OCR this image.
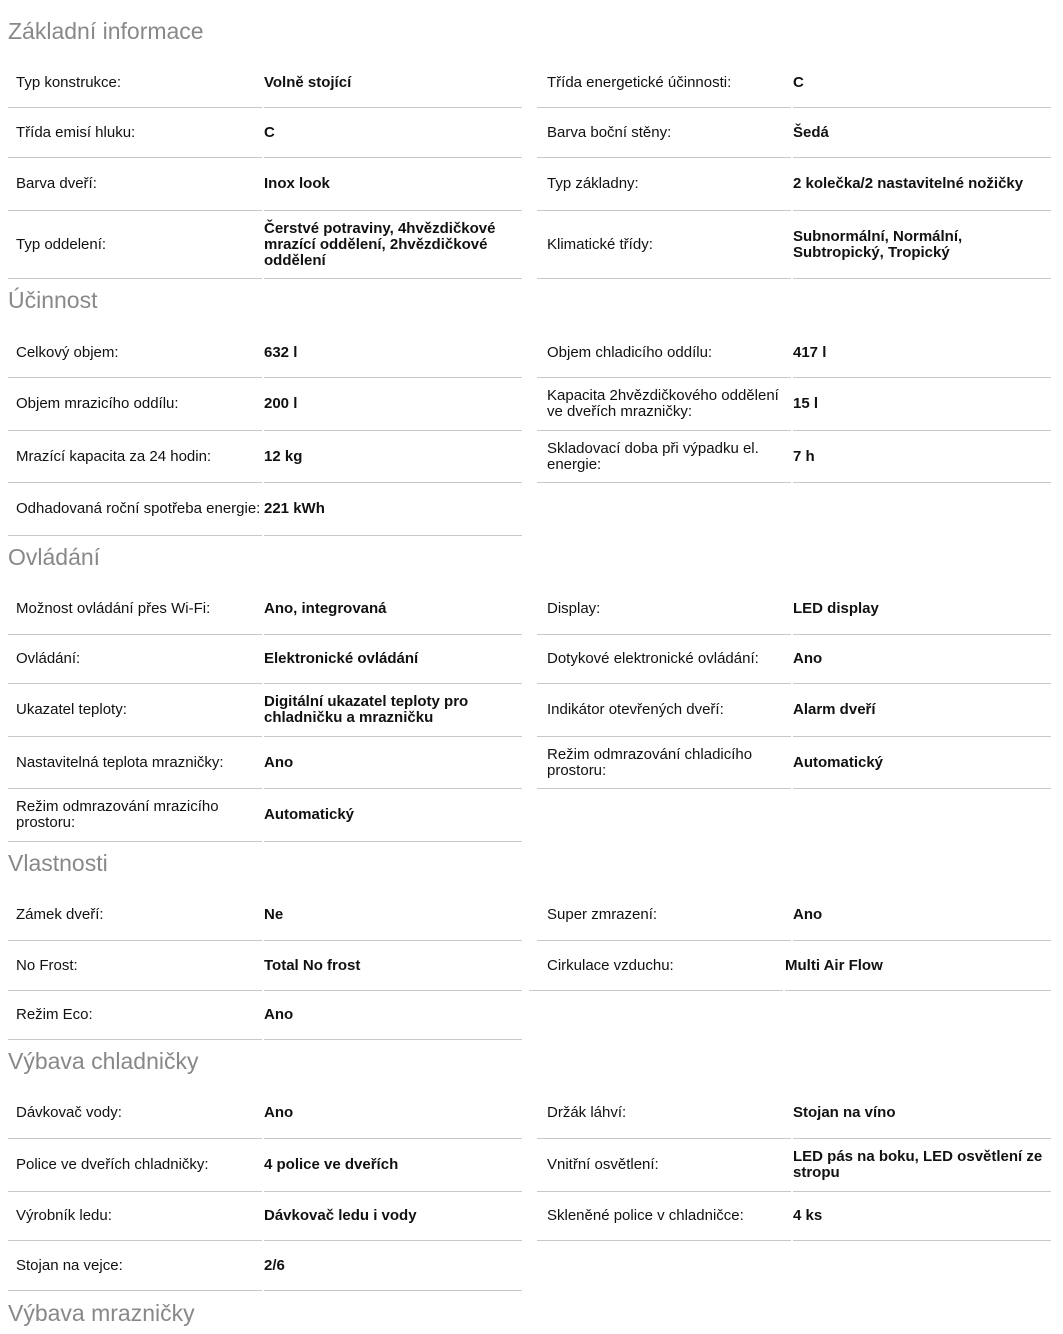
Základní informace
Typ konstrukce:	Volně stojící
Třída emisí hluku:	C
Barva dveří:	Inox look
Typ oddelení:
Čerstvé potraviny, 4hvězdičkové mrazící oddělení, 2hvězdičkové oddělení
Třída energetické účinnosti:	C
Barva boční stěny:	Šedá
Typ základny:	2 kolečka/2 nastavitelné nožičky
Klimatické třídy:	Subnormální, Normální, Subtropický, Tropický
Účinnost
Celkový objem:	632 l
Objem mrazicího oddílu:	200 l
Mrazící kapacita za 24 hodin:	12 kg
Odhadovaná roční spotřeba energie: 221 kWh
Objem chladicího oddílu:	417 l
Kapacita 2hvězdičkového oddělení ve dveřích mrazničky:	15 l
Skladovací doba při výpadku el. energie:	7 h
Ovládání
Možnost ovládání přes Wi-Fi:	Ano, integrovaná
Ovládání:	Elektronické ovládání
Ukazatel teploty:	Digitální ukazatel teploty pro chladničku a mrazničku
Nastavitelná teplota mrazničky:	Ano
Režim odmrazování mrazicího prostoru:	Automatický
Display:	LED display
Dotykové elektronické ovládání:	Ano
Indikátor otevřených dveří:	Alarm dveří
Režim odmrazování chladicího prostoru:	Automatický
Vlastnosti
Zámek dveří:	Ne
No Frost:	Total No frost
Režim Eco:	Ano
Super zmrazení:	Ano
Cirkulace vzduchu:	Multi Air Flow
Výbava chladničky
Dávkovač vody:	Ano
Police ve dveřích chladničky:	4 police ve dveřích
Výrobník ledu:	Dávkovač ledu i vody
Stojan na vejce:	2/6
Držák láhví:	Stojan na víno
Vnitřní osvětlení:	LED pás na boku, LED osvětlení ze stropu
Skleněné police v chladničce:	4 ks
Výbava mrazničky
